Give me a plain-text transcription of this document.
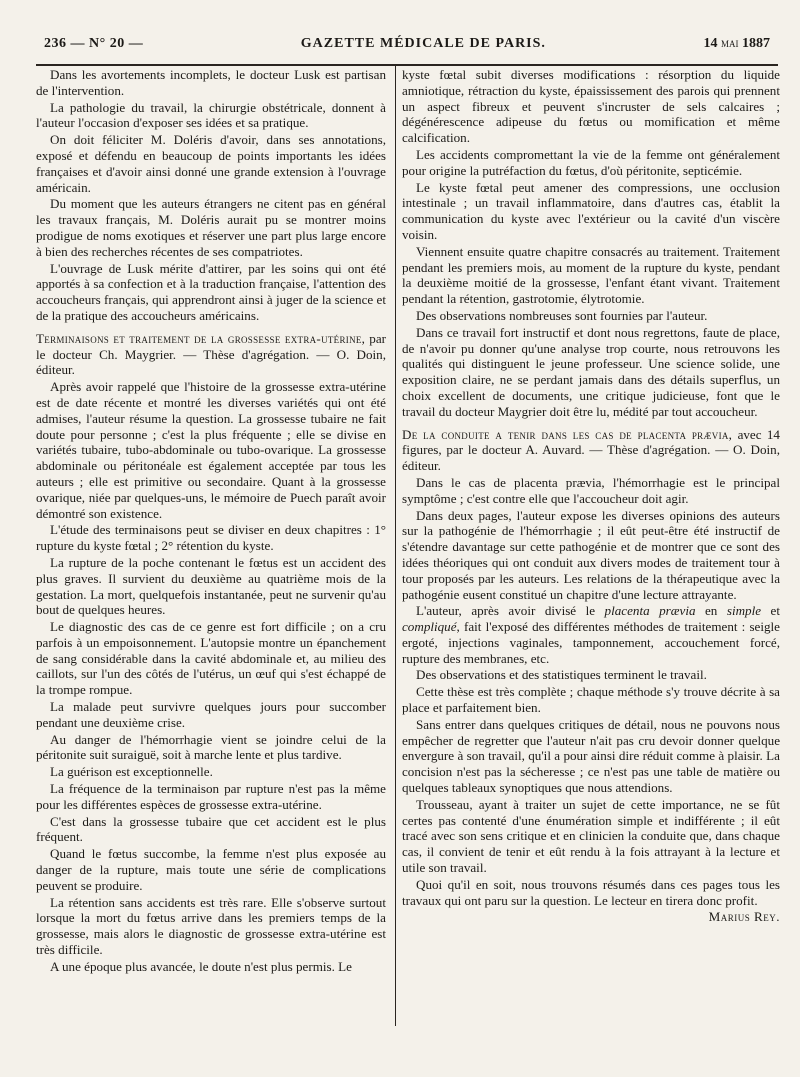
236 — N° 20 —	GAZETTE MÉDICALE DE PARIS.	14 MAI 1887

Dans les avortements incomplets, le docteur Lusk est partisan de l'intervention.

La pathologie du travail, la chirurgie obstétricale, donnent à l'auteur l'occasion d'exposer ses idées et sa pratique.

On doit féliciter M. Doléris d'avoir, dans ses annotations, exposé et défendu en beaucoup de points importants les idées françaises et d'avoir ainsi donné une grande extension à l'ouvrage américain.

Du moment que les auteurs étrangers ne citent pas en général les travaux français, M. Doléris aurait pu se montrer moins prodigue de noms exotiques et réserver une part plus large encore à bien des recherches récentes de ses compatriotes.

L'ouvrage de Lusk mérite d'attirer, par les soins qui ont été apportés à sa confection et à la traduction française, l'attention des accoucheurs français, qui apprendront ainsi à juger de la science et de la pratique des accoucheurs américains.

Terminaisons et traitement de la grossesse extra-utérine, par le docteur Ch. Maygrier. — Thèse d'agrégation. — O. Doin, éditeur.

Après avoir rappelé que l'histoire de la grossesse extra-utérine est de date récente et montré les diverses variétés qui ont été admises, l'auteur résume la question. La grossesse tubaire ne fait doute pour personne ; c'est la plus fréquente ; elle se divise en variétés tubaire, tubo-abdominale ou tubo-ovarique. La grossesse abdominale ou péritonéale est également acceptée par tous les auteurs ; elle est primitive ou secondaire. Quant à la grossesse ovarique, niée par quelques-uns, le mémoire de Puech paraît avoir démontré son existence.

L'étude des terminaisons peut se diviser en deux chapitres : 1° rupture du kyste fœtal ; 2° rétention du kyste.

La rupture de la poche contenant le fœtus est un accident des plus graves. Il survient du deuxième au quatrième mois de la gestation. La mort, quelquefois instantanée, peut ne survenir qu'au bout de quelques heures.

Le diagnostic des cas de ce genre est fort difficile ; on a cru parfois à un empoisonnement. L'autopsie montre un épanchement de sang considérable dans la cavité abdominale et, au milieu des caillots, sur l'un des côtés de l'utérus, un œuf qui s'est échappé de la trompe rompue.

La malade peut survivre quelques jours pour succomber pendant une deuxième crise.

Au danger de l'hémorrhagie vient se joindre celui de la péritonite suit suraiguë, soit à marche lente et plus tardive.

La guérison est exceptionnelle.

La fréquence de la terminaison par rupture n'est pas la même pour les différentes espèces de grossesse extra-utérine.

C'est dans la grossesse tubaire que cet accident est le plus fréquent.

Quand le fœtus succombe, la femme n'est plus exposée au danger de la rupture, mais toute une série de complications peuvent se produire.

La rétention sans accidents est très rare. Elle s'observe surtout lorsque la mort du fœtus arrive dans les premiers temps de la grossesse, mais alors le diagnostic de grossesse extra-utérine est très difficile.

A une époque plus avancée, le doute n'est plus permis. Le

kyste fœtal subit diverses modifications : résorption du liquide amniotique, rétraction du kyste, épaississement des parois qui prennent un aspect fibreux et peuvent s'incruster de sels calcaires ; dégénérescence adipeuse du fœtus ou momification et même calcification.

Les accidents compromettant la vie de la femme ont généralement pour origine la putréfaction du fœtus, d'où péritonite, septicémie.

Le kyste fœtal peut amener des compressions, une occlusion intestinale ; un travail inflammatoire, dans d'autres cas, établit la communication du kyste avec l'extérieur ou la cavité d'un viscère voisin.

Viennent ensuite quatre chapitre consacrés au traitement. Traitement pendant les premiers mois, au moment de la rupture du kyste, pendant la deuxième moitié de la grossesse, l'enfant étant vivant. Traitement pendant la rétention, gastrotomie, élytrotomie.

Des observations nombreuses sont fournies par l'auteur.

Dans ce travail fort instructif et dont nous regrettons, faute de place, de n'avoir pu donner qu'une analyse trop courte, nous retrouvons les qualités qui distinguent le jeune professeur. Une science solide, une exposition claire, ne se perdant jamais dans des détails superflus, un choix excellent de documents, une critique judicieuse, font que le travail du docteur Maygrier doit être lu, médité par tout accoucheur.

De la conduite a tenir dans les cas de placenta prævia, avec 14 figures, par le docteur A. Auvard. — Thèse d'agrégation. — O. Doin, éditeur.

Dans le cas de placenta prævia, l'hémorrhagie est le principal symptôme ; c'est contre elle que l'accoucheur doit agir.

Dans deux pages, l'auteur expose les diverses opinions des auteurs sur la pathogénie de l'hémorrhagie ; il eût peut-être été instructif de s'étendre davantage sur cette pathogénie et de montrer que ce sont des idées théoriques qui ont conduit aux divers modes de traitement tour à tour proposés par les auteurs. Les relations de la thérapeutique avec la pathogénie eusent constitué un chapitre d'une lecture attrayante.

L'auteur, après avoir divisé le placenta prævia en simple et compliqué, fait l'exposé des différentes méthodes de traitement : seigle ergoté, injections vaginales, tamponnement, accouchement forcé, rupture des membranes, etc.

Des observations et des statistiques terminent le travail.

Cette thèse est très complète ; chaque méthode s'y trouve décrite à sa place et parfaitement bien.

Sans entrer dans quelques critiques de détail, nous ne pouvons nous empêcher de regretter que l'auteur n'ait pas cru devoir donner quelque envergure à son travail, qu'il a pour ainsi dire réduit comme à plaisir. La concision n'est pas la sécheresse ; ce n'est pas une table de matière ou quelques tableaux synoptiques que nous attendions.

Trousseau, ayant à traiter un sujet de cette importance, ne se fût certes pas contenté d'une énumération simple et indifférente ; il eût tracé avec son sens critique et en clinicien la conduite que, dans chaque cas, il convient de tenir et eût rendu à la fois attrayant à la lecture et utile son travail.

Quoi qu'il en soit, nous trouvons résumés dans ces pages tous les travaux qui ont paru sur la question. Le lecteur en tirera donc profit.

Marius Rey.
